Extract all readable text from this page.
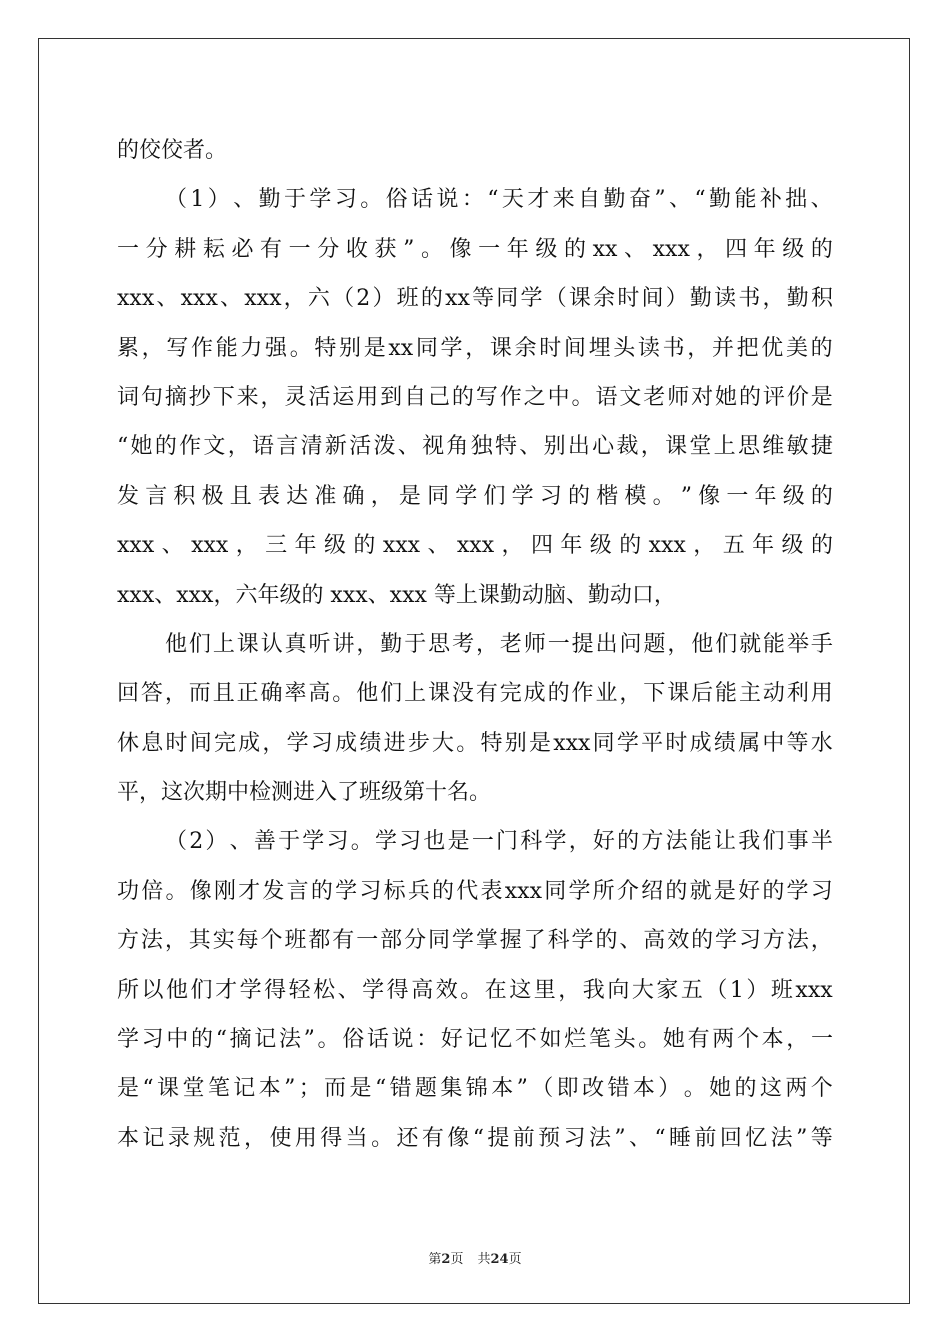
的佼佼者。
（ 1 ） 、 勤 于 学 习 。 俗 话 说 ： “ 天 才 来 自 勤 奋 ” 、 “ 勤 能 补 拙 、
一 分 耕 耘 必 有 一 分 收 获 ” 。 像 一 年 级 的 xx 、 xxx ， 四 年 级 的
xxx 、 xxx 、 xxx ， 六 （ 2 ） 班 的 xx 等 同 学 （ 课 余 时 间 ） 勤 读 书 ， 勤 积
累 ， 写 作 能 力 强 。 特 别 是 xx 同 学 ， 课 余 时 间 埋 头 读 书 ， 并 把 优 美 的
词 句 摘 抄 下 来 ， 灵 活 运 用 到 自 己 的 写 作 之 中 。 语 文 老 师 对 她 的 评 价 是
“ 她 的 作 文 ， 语 言 清 新 活 泼 、 视 角 独 特 、 别 出 心 裁 ， 课 堂 上 思 维 敏 捷
发 言 积 极 且 表 达 准 确 ， 是 同 学 们 学 习 的 楷 模 。 ” 像 一 年 级 的
xxx 、 xxx ， 三 年 级 的 xxx 、 xxx ， 四 年 级 的 xxx ， 五 年 级 的
xxx、xxx，六年级的 xxx、xxx 等上课勤动脑、勤动口，
他 们 上 课 认 真 听 讲 ， 勤 于 思 考 ， 老 师 一 提 出 问 题 ， 他 们 就 能 举 手
回 答 ， 而 且 正 确 率 高 。 他 们 上 课 没 有 完 成 的 作 业 ， 下 课 后 能 主 动 利 用
休 息 时 间 完 成 ， 学 习 成 绩 进 步 大 。 特 别 是 xxx 同 学 平 时 成 绩 属 中 等 水
平，这次期中检测进入了班级第十名。
（ 2 ） 、 善 于 学 习 。 学 习 也 是 一 门 科 学 ， 好 的 方 法 能 让 我 们 事 半
功 倍 。 像 刚 才 发 言 的 学 习 标 兵 的 代 表 xxx 同 学 所 介 绍 的 就 是 好 的 学 习
方 法 ， 其 实 每 个 班 都 有 一 部 分 同 学 掌 握 了 科 学 的 、 高 效 的 学 习 方 法 ，
所 以 他 们 才 学 得 轻 松 、 学 得 高 效 。 在 这 里 ， 我 向 大 家 五 （ 1 ） 班 xxx
学 习 中 的 “ 摘 记 法 ” 。 俗 话 说 ： 好 记 忆 不 如 烂 笔 头 。 她 有 两 个 本 ， 一
是 “ 课 堂 笔 记 本 ” ； 而 是 “ 错 题 集 锦 本 ” （ 即 改 错 本 ） 。 她 的 这 两 个
本 记 录 规 范 ， 使 用 得 当 。 还 有 像 “ 提 前 预 习 法 ” 、 “ 睡 前 回 忆 法 ” 等
第2页 共24页
